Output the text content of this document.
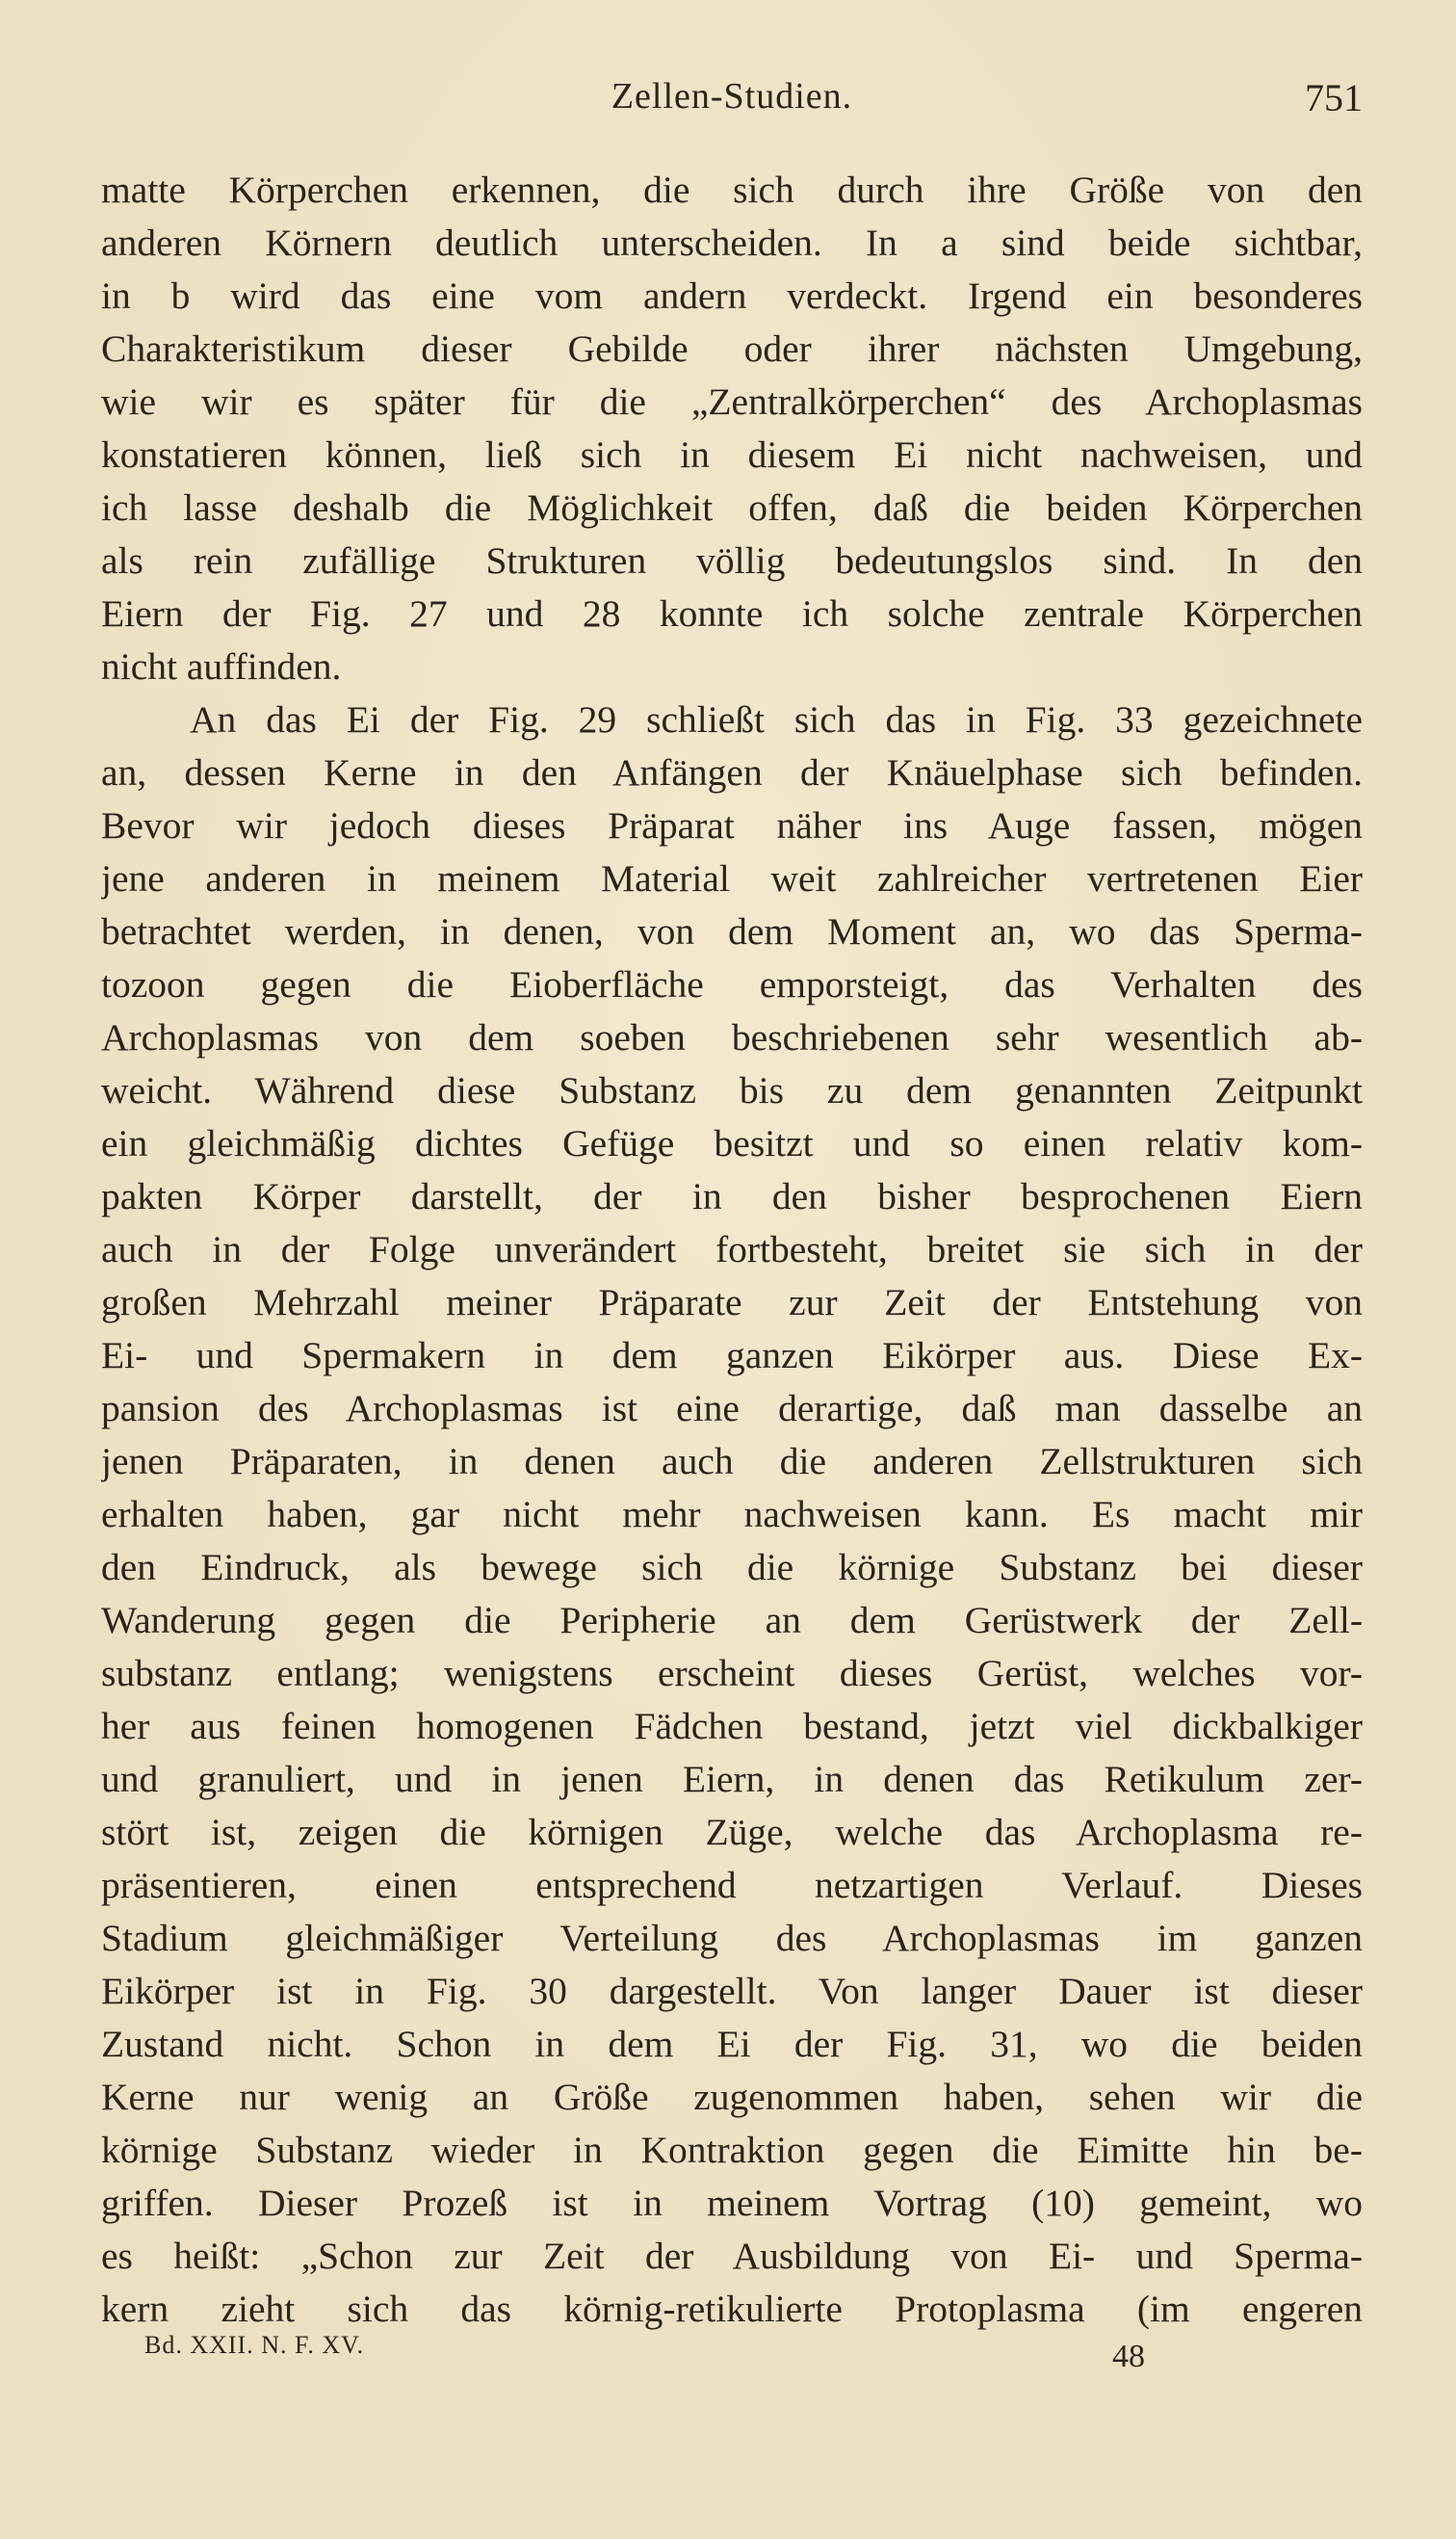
Zellen-Studien.	751
matte Körperchen erkennen, die sich durch ihre Größe von den
anderen Körnern deutlich unterscheiden. In a sind beide sichtbar,
in b wird das eine vom andern verdeckt. Irgend ein besonderes
Charakteristikum dieser Gebilde oder ihrer nächsten Umgebung,
wie wir es später für die „Zentralkörperchen“ des Archoplasmas
konstatieren können, ließ sich in diesem Ei nicht nachweisen, und
ich lasse deshalb die Möglichkeit offen, daß die beiden Körperchen
als rein zufällige Strukturen völlig bedeutungslos sind. In den
Eiern der Fig. 27 und 28 konnte ich solche zentrale Körperchen
nicht auffinden.
An das Ei der Fig. 29 schließt sich das in Fig. 33 gezeichnete
an, dessen Kerne in den Anfängen der Knäuelphase sich befinden.
Bevor wir jedoch dieses Präparat näher ins Auge fassen, mögen
jene anderen in meinem Material weit zahlreicher vertretenen Eier
betrachtet werden, in denen, von dem Moment an, wo das Sperma-
tozoon gegen die Eioberfläche emporsteigt, das Verhalten des
Archoplasmas von dem soeben beschriebenen sehr wesentlich ab-
weicht. Während diese Substanz bis zu dem genannten Zeitpunkt
ein gleichmäßig dichtes Gefüge besitzt und so einen relativ kom-
pakten Körper darstellt, der in den bisher besprochenen Eiern
auch in der Folge unverändert fortbesteht, breitet sie sich in der
großen Mehrzahl meiner Präparate zur Zeit der Entstehung von
Ei- und Spermakern in dem ganzen Eikörper aus. Diese Ex-
pansion des Archoplasmas ist eine derartige, daß man dasselbe an
jenen Präparaten, in denen auch die anderen Zellstrukturen sich
erhalten haben, gar nicht mehr nachweisen kann. Es macht mir
den Eindruck, als bewege sich die körnige Substanz bei dieser
Wanderung gegen die Peripherie an dem Gerüstwerk der Zell-
substanz entlang; wenigstens erscheint dieses Gerüst, welches vor-
her aus feinen homogenen Fädchen bestand, jetzt viel dickbalkiger
und granuliert, und in jenen Eiern, in denen das Retikulum zer-
stört ist, zeigen die körnigen Züge, welche das Archoplasma re-
präsentieren, einen entsprechend netzartigen Verlauf. Dieses
Stadium gleichmäßiger Verteilung des Archoplasmas im ganzen
Eikörper ist in Fig. 30 dargestellt. Von langer Dauer ist dieser
Zustand nicht. Schon in dem Ei der Fig. 31, wo die beiden
Kerne nur wenig an Größe zugenommen haben, sehen wir die
körnige Substanz wieder in Kontraktion gegen die Eimitte hin be-
griffen. Dieser Prozeß ist in meinem Vortrag (10) gemeint, wo
es heißt: „Schon zur Zeit der Ausbildung von Ei- und Sperma-
kern zieht sich das körnig-retikulierte Protoplasma (im engeren
Bd. XXII. N. F. XV.	48
